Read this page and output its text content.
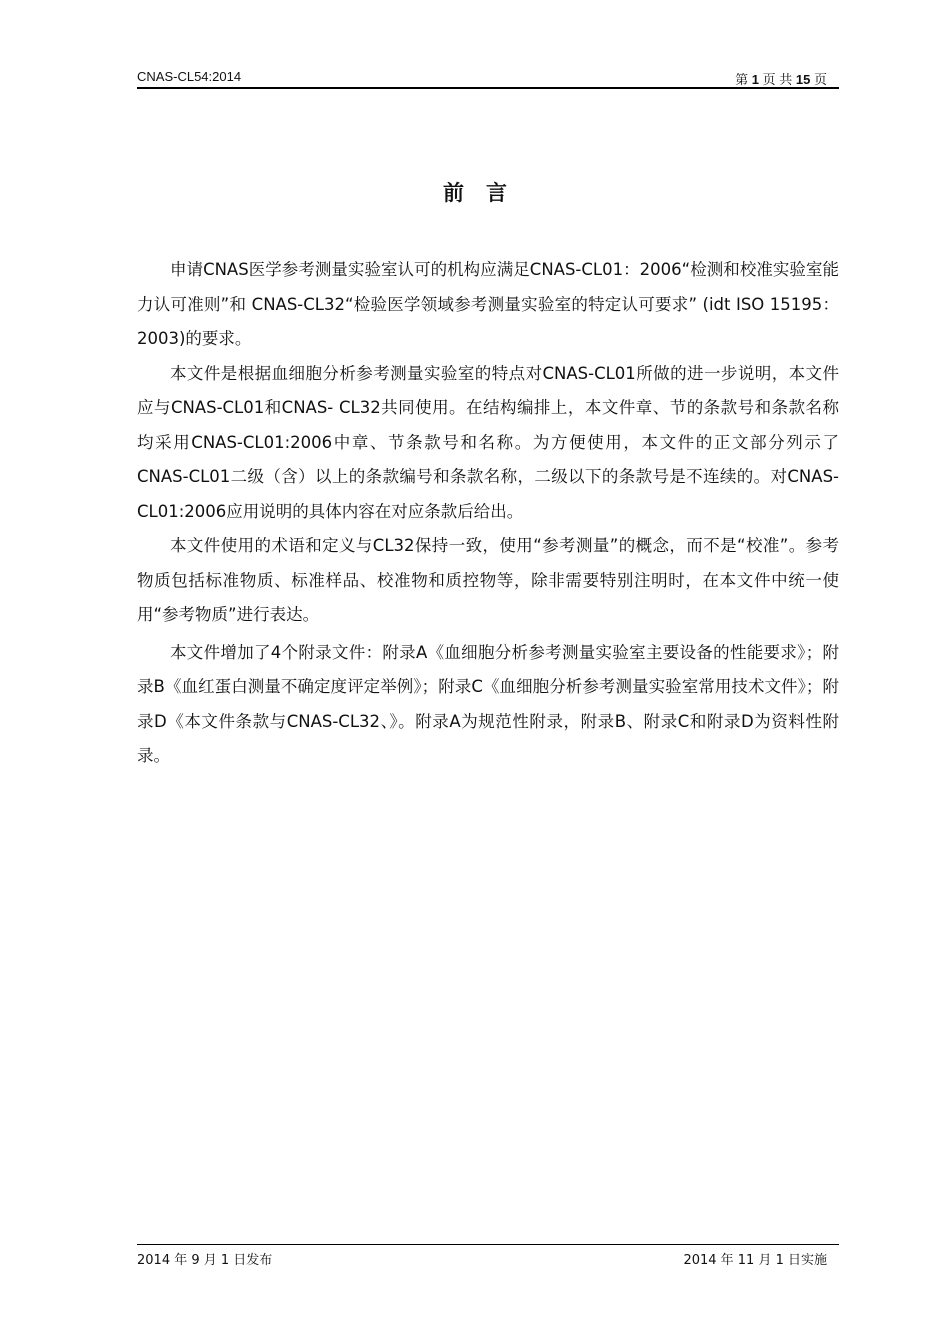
CNAS-CL54:2014	第 1 页 共 15 页
前言

申请CNAS医学参考测量实验室认可的机构应满足CNAS-CL01：2006“检测和校准实验室能力认可准则”和 CNAS-CL32“检验医学领域参考测量实验室的特定认可要求” (idt ISO 15195：2003)的要求。

本文件是根据血细胞分析参考测量实验室的特点对CNAS-CL01所做的进一步说明，本文件应与CNAS-CL01和CNAS- CL32共同使用。在结构编排上，本文件章、节的条款号和条款名称均采用CNAS-CL01:2006中章、节条款号和名称。为方便使用，本文件的正文部分列示了CNAS-CL01二级（含）以上的条款编号和条款名称，二级以下的条款号是不连续的。对CNAS-CL01:2006应用说明的具体内容在对应条款后给出。

本文件使用的术语和定义与CL32保持一致，使用“参考测量”的概念，而不是“校准”。参考物质包括标准物质、标准样品、校准物和质控物等，除非需要特别注明时，在本文件中统一使用“参考物质”进行表达。

本文件增加了4个附录文件：附录A《血细胞分析参考测量实验室主要设备的性能要求》；附录B《血红蛋白测量不确定度评定举例》；附录C《血细胞分析参考测量实验室常用技术文件》；附录D《本文件条款与CNAS-CL32、》。附录A为规范性附录，附录B、附录C和附录D为资料性附录。

2014 年 9 月 1 日发布	2014 年 11 月 1 日实施
